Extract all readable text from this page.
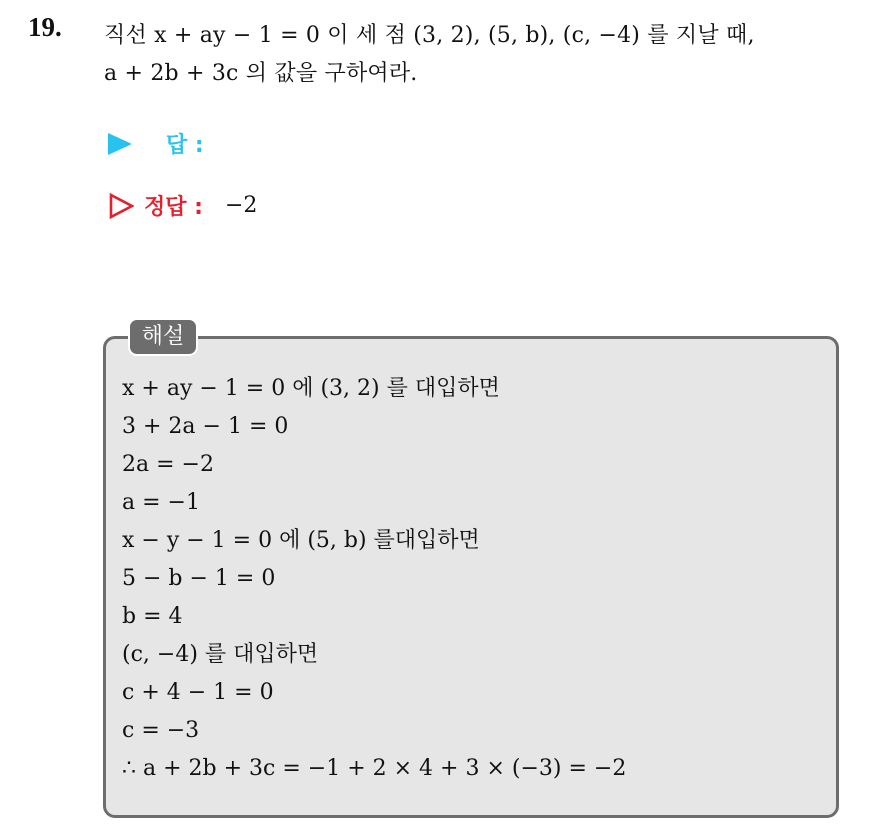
19. 직선 x + ay − 1 = 0 이 세 점 (3, 2), (5, b), (c, −4) 를 지날 때,
a + 2b + 3c 의 값을 구하여라.
답 :
정답 : −2
해설
x + ay − 1 = 0 에 (3, 2) 를 대입하면
3 + 2a − 1 = 0
2a = −2
a = −1
x − y − 1 = 0 에 (5, b) 를대입하면
5 − b − 1 = 0
b = 4
(c, −4) 를 대입하면
c + 4 − 1 = 0
c = −3
∴ a + 2b + 3c = −1 + 2 × 4 + 3 × (−3) = −2
